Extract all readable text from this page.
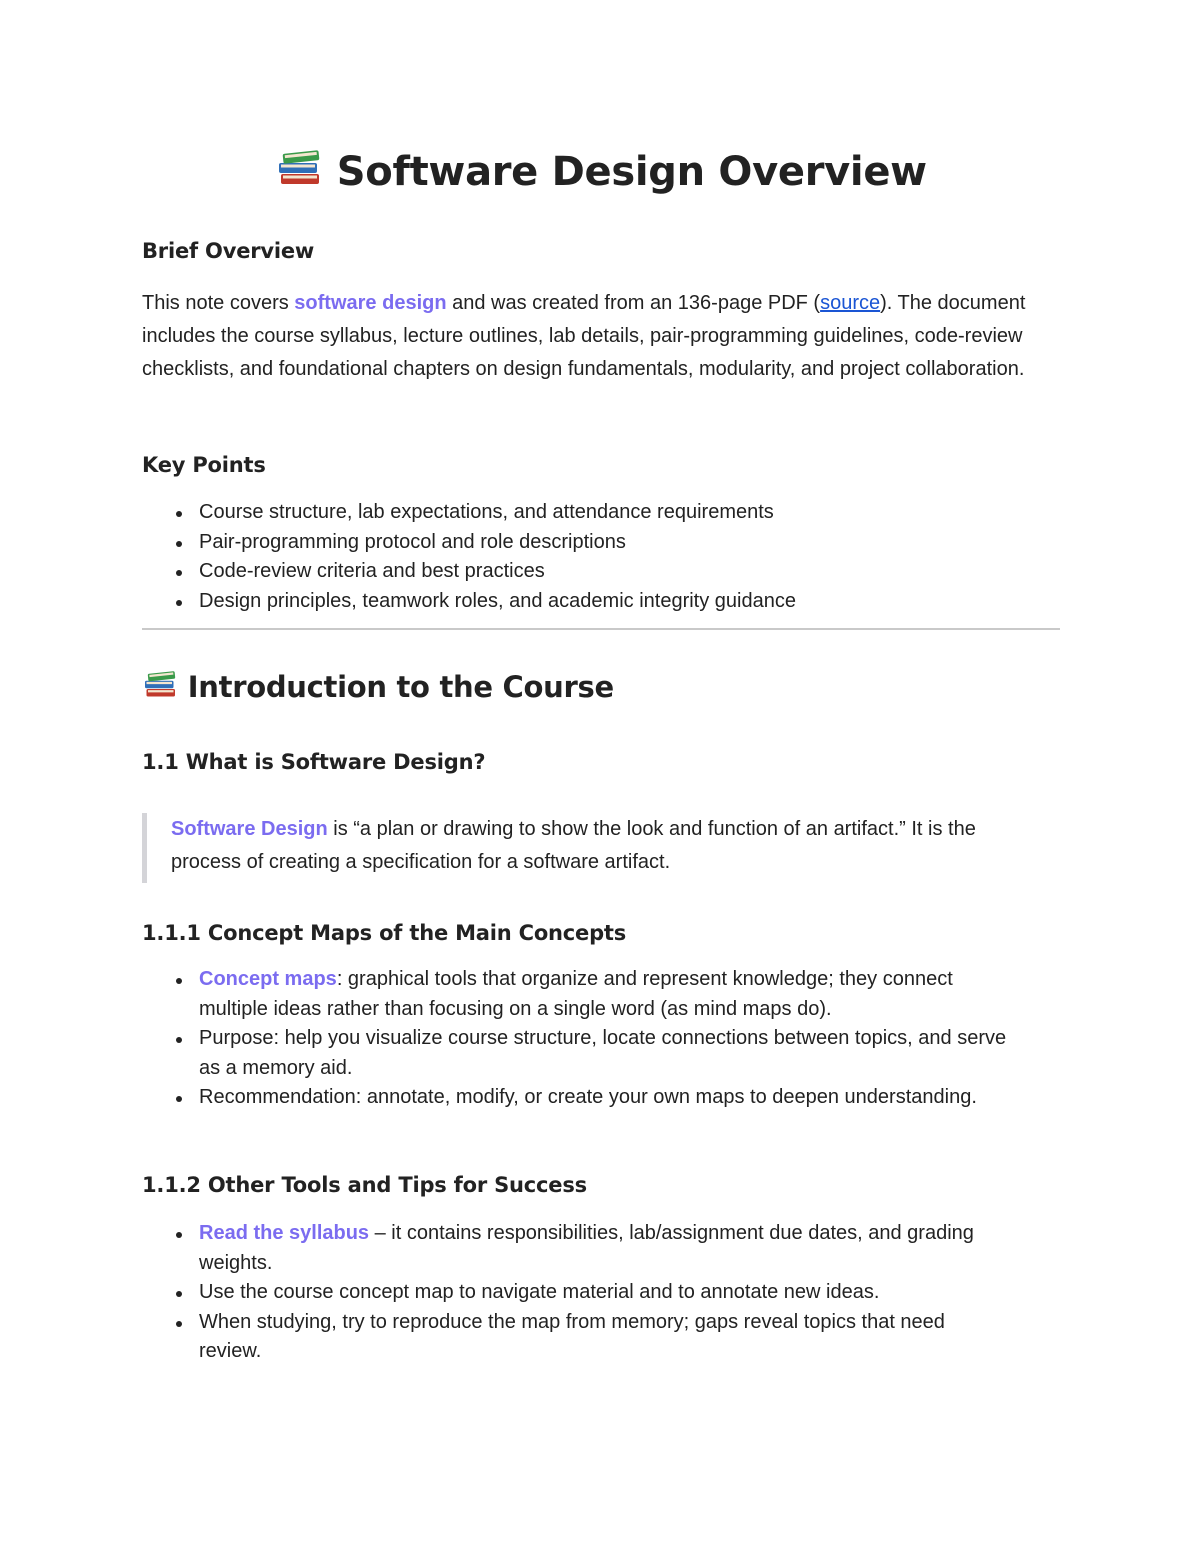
Software Design Overview
Brief Overview
This note covers software design and was created from an 136-page PDF (source). The document includes the course syllabus, lecture outlines, lab details, pair-programming guidelines, code-review checklists, and foundational chapters on design fundamentals, modularity, and project collaboration.
Key Points
Course structure, lab expectations, and attendance requirements
Pair-programming protocol and role descriptions
Code-review criteria and best practices
Design principles, teamwork roles, and academic integrity guidance
Introduction to the Course
1.1 What is Software Design?
Software Design is “a plan or drawing to show the look and function of an artifact.” It is the process of creating a specification for a software artifact.
1.1.1 Concept Maps of the Main Concepts
Concept maps: graphical tools that organize and represent knowledge; they connect multiple ideas rather than focusing on a single word (as mind maps do).
Purpose: help you visualize course structure, locate connections between topics, and serve as a memory aid.
Recommendation: annotate, modify, or create your own maps to deepen understanding.
1.1.2 Other Tools and Tips for Success
Read the syllabus – it contains responsibilities, lab/assignment due dates, and grading weights.
Use the course concept map to navigate material and to annotate new ideas.
When studying, try to reproduce the map from memory; gaps reveal topics that need review.
